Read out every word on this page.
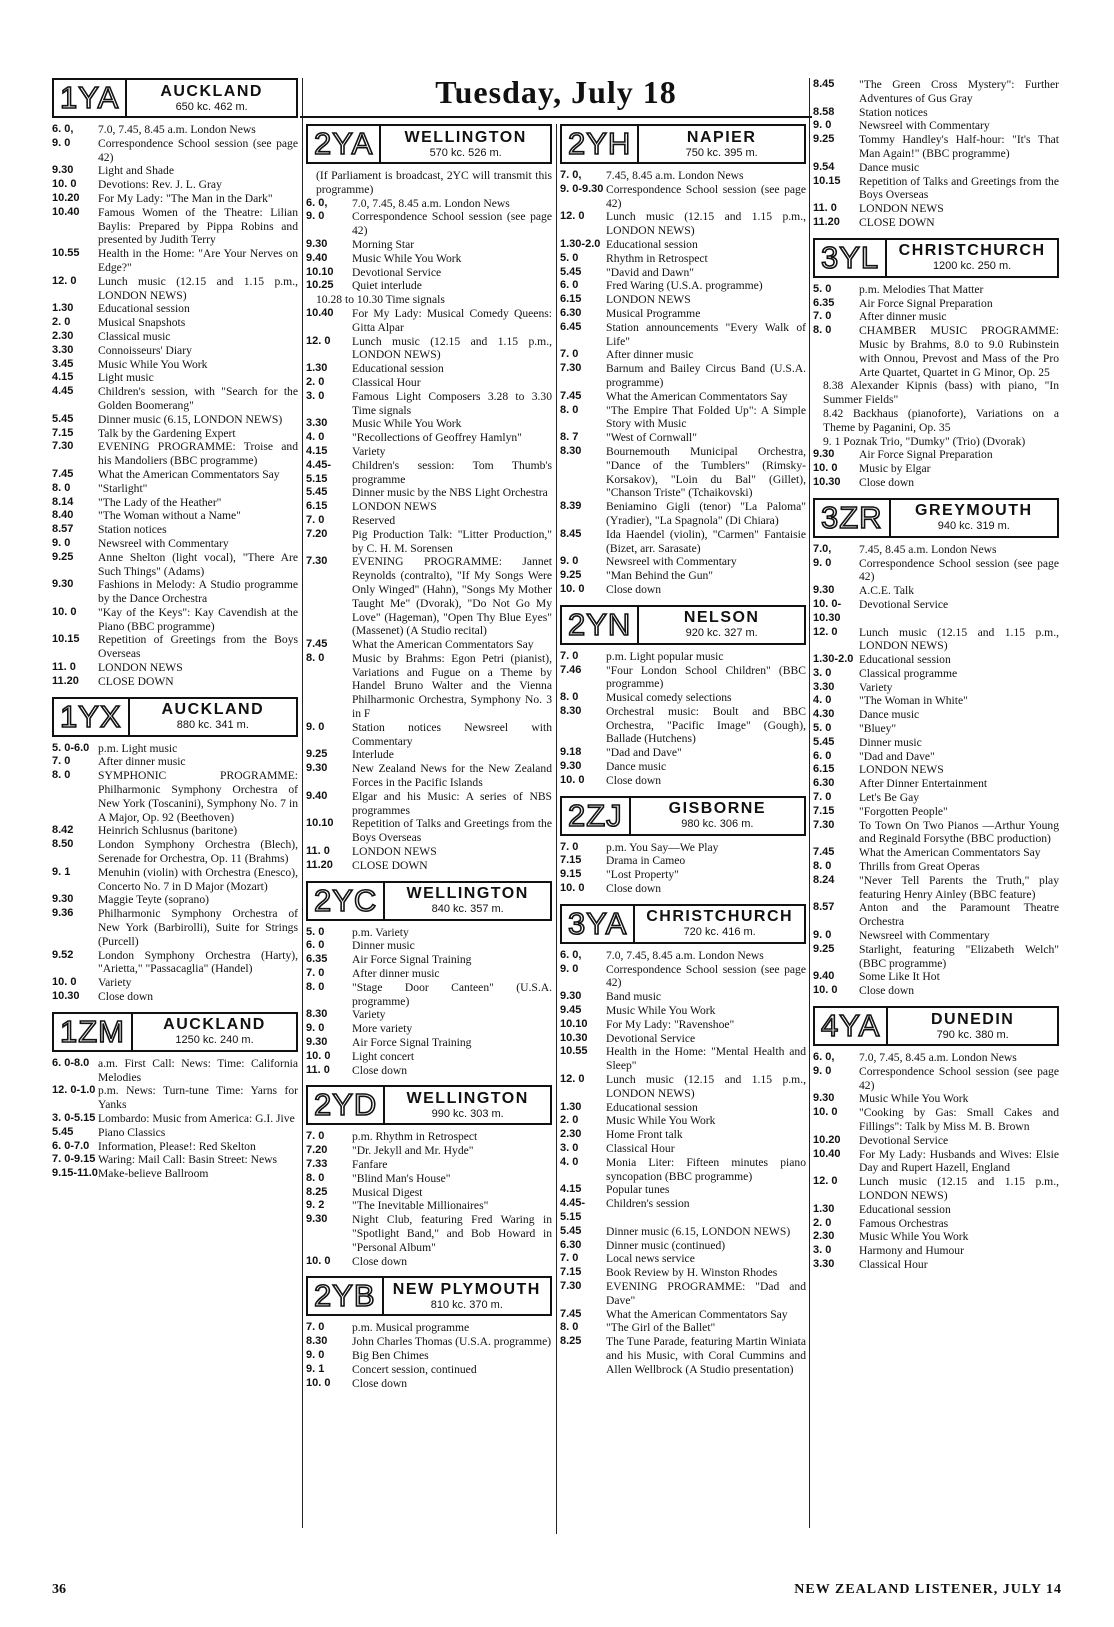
Tuesday, July 18
1YA	AUCKLAND
650 kc. 462 m.
6. 0,	7.0, 7.45, 8.45 a.m. London News
9. 0	Correspondence School session (see page 42)
9.30	Light and Shade
10. 0	Devotions: Rev. J. L. Gray
10.20	For My Lady: "The Man in the Dark"
10.40	Famous Women of the Theatre: Lilian Baylis: Prepared by Pippa Robins and presented by Judith Terry
10.55	Health in the Home: "Are Your Nerves on Edge?"
12. 0	Lunch music (12.15 and 1.15 p.m., LONDON NEWS)
1.30	Educational session
2. 0	Musical Snapshots
2.30	Classical music
3.30	Connoisseurs' Diary
3.45	Music While You Work
4.15	Light music
4.45	Children's session, with "Search for the Golden Boomerang"
5.45	Dinner music (6.15, LONDON NEWS)
7.15	Talk by the Gardening Expert
7.30	EVENING PROGRAMME: Troise and his Mandoliers (BBC programme)
7.45	What the American Commentators Say
8. 0	"Starlight"
8.14	"The Lady of the Heather"
8.40	"The Woman without a Name"
8.57	Station notices
9. 0	Newsreel with Commentary
9.25	Anne Shelton (light vocal), "There Are Such Things" (Adams)
9.30	Fashions in Melody: A Studio programme by the Dance Orchestra
10. 0	"Kay of the Keys": Kay Cavendish at the Piano (BBC programme)
10.15	Repetition of Greetings from the Boys Overseas
11. 0	LONDON NEWS
11.20	CLOSE DOWN
1YX	AUCKLAND
880 kc. 341 m.
5. 0-6.0 p.m. Light music
7. 0	After dinner music
8. 0	SYMPHONIC PROGRAMME: Philharmonic Symphony Orchestra of New York (Toscanini), Symphony No. 7 in A Major, Op. 92 (Beethoven)
8.42	Heinrich Schlusnus (baritone)
8.50	London Symphony Orchestra (Blech), Serenade for Orchestra, Op. 11 (Brahms)
9. 1	Menuhin (violin) with Orchestra (Enesco), Concerto No. 7 in D Major (Mozart)
9.30	Maggie Teyte (soprano)
9.36	Philharmonic Symphony Orchestra of New York (Barbirolli), Suite for Strings (Purcell)
9.52	London Symphony Orchestra (Harty), "Arietta," "Passacaglia" (Handel)
10. 0	Variety
10.30	Close down
1ZM	AUCKLAND
1250 kc. 240 m.
6. 0-8.0 a.m. First Call: News: Time: California Melodies
12. 0-1.0 p.m. News: Turn-tune Time: Yarns for Yanks
3. 0-5.15 Lombardo: Music from America: G.I. Jive
5.45	Piano Classics
6. 0-7.0 Information, Please!: Red Skelton
7. 0-9.15 Waring: Mail Call: Basin Street: News
9.15-11.0 Make-believe Ballroom
2YA	WELLINGTON
570 kc. 526 m.
(If Parliament is broadcast, 2YC will transmit this programme)
6. 0,	7.0, 7.45, 8.45 a.m. London News
9. 0	Correspondence School session (see page 42)
9.30	Morning Star
9.40	Music While You Work
10.10	Devotional Service
10.25	Quiet interlude
10.28 to 10.30 Time signals
10.40	For My Lady: Musical Comedy Queens: Gitta Alpar
12. 0	Lunch music (12.15 and 1.15 p.m., LONDON NEWS)
1.30	Educational session
2. 0	Classical Hour
3. 0	Famous Light Composers 3.28 to 3.30 Time signals
3.30	Music While You Work
4. 0	"Recollections of Geoffrey Hamlyn"
4.15	Variety
4.45-5.15
Children's session: Tom Thumb's programme
5.45	Dinner music by the NBS Light Orchestra
6.15	LONDON NEWS
7. 0	Reserved
7.20	Pig Production Talk: "Litter Production," by C. H. M. Sorensen
7.30	EVENING PROGRAMME: Jannet Reynolds (contralto), "If My Songs Were Only Winged" (Hahn), "Songs My Mother Taught Me" (Dvorak), "Do Not Go My Love" (Hageman), "Open Thy Blue Eyes" (Massenet) (A Studio recital)
7.45	What the American Commentators Say
8. 0	Music by Brahms: Egon Petri (pianist), Variations and Fugue on a Theme by Handel Bruno Walter and the Vienna Philharmonic Orchestra, Symphony No. 3 in F
9. 0	Station notices Newsreel with Commentary
9.25	Interlude
9.30	New Zealand News for the New Zealand Forces in the Pacific Islands
9.40	Elgar and his Music: A series of NBS programmes
10.10	Repetition of Talks and Greetings from the Boys Overseas
11. 0	LONDON NEWS
11.20	CLOSE DOWN
2YC	WELLINGTON
840 kc. 357 m.
5. 0	p.m. Variety
6. 0	Dinner music
6.35	Air Force Signal Training
7. 0	After dinner music
8. 0	"Stage Door Canteen" (U.S.A. programme)
8.30	Variety
9. 0	More variety
9.30	Air Force Signal Training
10. 0	Light concert
11. 0	Close down
2YD	WELLINGTON
990 kc. 303 m.
7. 0	p.m. Rhythm in Retrospect
7.20	"Dr. Jekyll and Mr. Hyde"
7.33	Fanfare
8. 0	"Blind Man's House"
8.25	Musical Digest
9. 2	"The Inevitable Millionaires"
9.30	Night Club, featuring Fred Waring in "Spotlight Band," and Bob Howard in "Personal Album"
10. 0	Close down
2YB	NEW PLYMOUTH
810 kc. 370 m.
7. 0	p.m. Musical programme
8.30	John Charles Thomas (U.S.A. programme)
9. 0	Big Ben Chimes
9. 1	Concert session, continued
10. 0	Close down
2YH	NAPIER
750 kc. 395 m.
7. 0,	7.45, 8.45 a.m. London News
9. 0-9.30 Correspondence School session (see page 42)
12. 0	Lunch music (12.15 and 1.15 p.m., LONDON NEWS)
1.30-2.0 Educational session
5. 0	Rhythm in Retrospect
5.45	"David and Dawn"
6. 0	Fred Waring (U.S.A. programme)
6.15	LONDON NEWS
6.30	Musical Programme
6.45	Station announcements "Every Walk of Life"
7. 0	After dinner music
7.30	Barnum and Bailey Circus Band (U.S.A. programme)
7.45	What the American Commentators Say
8. 0	"The Empire That Folded Up": A Simple Story with Music
8. 7	"West of Cornwall"
8.30	Bournemouth Municipal Orchestra, "Dance of the Tumblers" (Rimsky-Korsakov), "Loin du Bal" (Gillet), "Chanson Triste" (Tchaikovski)
8.39	Beniamino Gigli (tenor) "La Paloma" (Yradier), "La Spagnola" (Di Chiara)
8.45	Ida Haendel (violin), "Carmen" Fantaisie (Bizet, arr. Sarasate)
9. 0	Newsreel with Commentary
9.25	"Man Behind the Gun"
10. 0	Close down
2YN	NELSON
920 kc. 327 m.
7. 0	p.m. Light popular music
7.46	"Four London School Children" (BBC programme)
8. 0	Musical comedy selections
8.30	Orchestral music: Boult and BBC Orchestra, "Pacific Image" (Gough), Ballade (Hutchens)
9.18	"Dad and Dave"
9.30	Dance music
10. 0	Close down
2ZJ	GISBORNE
980 kc. 306 m.
7. 0	p.m. You Say—We Play
7.15	Drama in Cameo
9.15	"Lost Property"
10. 0	Close down
3YA	CHRISTCHURCH
720 kc. 416 m.
6. 0,	7.0, 7.45, 8.45 a.m. London News
9. 0	Correspondence School session (see page 42)
9.30	Band music
9.45	Music While You Work
10.10	For My Lady: "Ravenshoe"
10.30	Devotional Service
10.55	Health in the Home: "Mental Health and Sleep"
12. 0	Lunch music (12.15 and 1.15 p.m., LONDON NEWS)
1.30	Educational session
2. 0	Music While You Work
2.30	Home Front talk
3. 0	Classical Hour
4. 0	Monia Liter: Fifteen minutes piano syncopation (BBC programme)
4.15	Popular tunes
4.45-5.15
Children's session
5.45	Dinner music (6.15, LONDON NEWS)
6.30	Dinner music (continued)
7. 0	Local news service
7.15	Book Review by H. Winston Rhodes
7.30	EVENING PROGRAMME: "Dad and Dave"
7.45	What the American Commentators Say
8. 0	"The Girl of the Ballet"
8.25	The Tune Parade, featuring Martin Winiata and his Music, with Coral Cummins and Allen Wellbrock (A Studio presentation)
8.45	"The Green Cross Mystery": Further Adventures of Gus Gray
8.58	Station notices
9. 0	Newsreel with Commentary
9.25	Tommy Handley's Half-hour: "It's That Man Again!" (BBC programme)
9.54	Dance music
10.15	Repetition of Talks and Greetings from the Boys Overseas
11. 0	LONDON NEWS
11.20	CLOSE DOWN
3YL	CHRISTCHURCH
1200 kc. 250 m.
5. 0	p.m. Melodies That Matter
6.35	Air Force Signal Preparation
7. 0	After dinner music
8. 0	CHAMBER MUSIC PROGRAMME: Music by Brahms, 8.0 to 9.0 Rubinstein with Onnou, Prevost and Mass of the Pro Arte Quartet, Quartet in G Minor, Op. 25
8.38 Alexander Kipnis (bass) with piano, "In Summer Fields"
8.42 Backhaus (pianoforte), Variations on a Theme by Paganini, Op. 35
9. 1 Poznak Trio, "Dumky" (Trio) (Dvorak)
9.30	Air Force Signal Preparation
10. 0	Music by Elgar
10.30	Close down
3ZR	GREYMOUTH
940 kc. 319 m.
7.0,	7.45, 8.45 a.m. London News
9. 0	Correspondence School session (see page 42)
9.30	A.C.E. Talk
10. 0-10.30
Devotional Service
12. 0	Lunch music (12.15 and 1.15 p.m., LONDON NEWS)
1.30-2.0 Educational session
3. 0	Classical programme
3.30	Variety
4. 0	"The Woman in White"
4.30	Dance music
5. 0	"Bluey"
5.45	Dinner music
6. 0	"Dad and Dave"
6.15	LONDON NEWS
6.30	After Dinner Entertainment
7. 0	Let's Be Gay
7.15	"Forgotten People"
7.30	To Town On Two Pianos —Arthur Young and Reginald Forsythe (BBC production)
7.45	What the American Commentators Say
8. 0	Thrills from Great Operas
8.24	"Never Tell Parents the Truth," play featuring Henry Ainley (BBC feature)
8.57	Anton and the Paramount Theatre Orchestra
9. 0	Newsreel with Commentary
9.25	Starlight, featuring "Elizabeth Welch" (BBC programme)
9.40	Some Like It Hot
10. 0	Close down
4YA	DUNEDIN
790 kc. 380 m.
6. 0,	7.0, 7.45, 8.45 a.m. London News
9. 0	Correspondence School session (see page 42)
9.30	Music While You Work
10. 0	"Cooking by Gas: Small Cakes and Fillings": Talk by Miss M. B. Brown
10.20	Devotional Service
10.40	For My Lady: Husbands and Wives: Elsie Day and Rupert Hazell, England
12. 0	Lunch music (12.15 and 1.15 p.m., LONDON NEWS)
1.30	Educational session
2. 0	Famous Orchestras
2.30	Music While You Work
3. 0	Harmony and Humour
3.30	Classical Hour
36	NEW ZEALAND LISTENER, JULY 14
